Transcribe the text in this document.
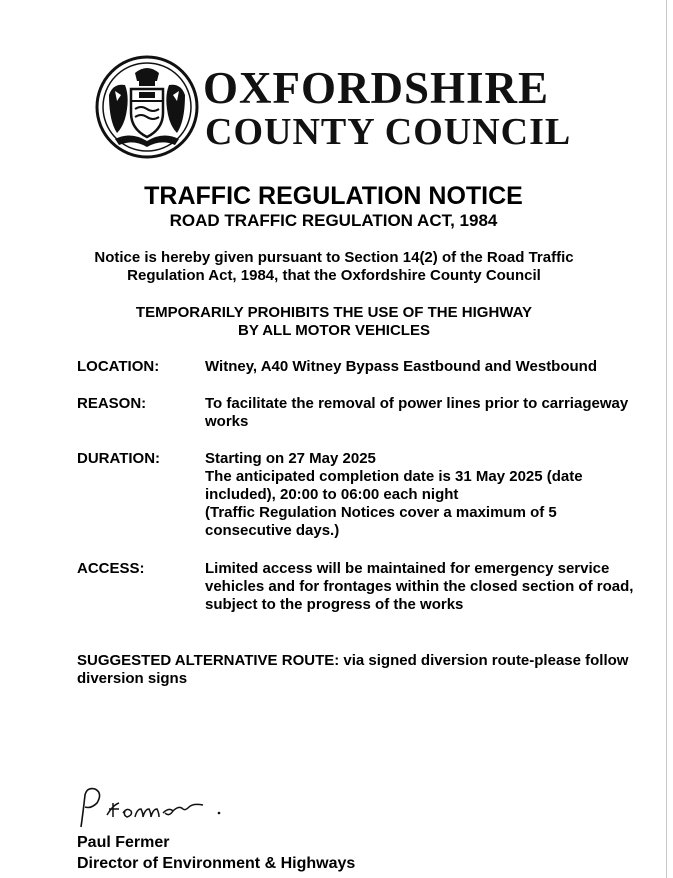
OXFORDSHIRE
COUNTY COUNCIL
TRAFFIC REGULATION NOTICE
ROAD TRAFFIC REGULATION ACT, 1984
Notice is hereby given pursuant to Section 14(2) of the Road Traffic Regulation Act, 1984, that the Oxfordshire County Council
TEMPORARILY PROHIBITS THE USE OF THE HIGHWAY
BY ALL MOTOR VEHICLES
LOCATION:	Witney, A40 Witney Bypass Eastbound and Westbound
REASON:	To facilitate the removal of power lines prior to carriageway works
DURATION:	Starting on 27 May 2025
The anticipated completion date is 31 May 2025 (date included), 20:00 to 06:00 each night
(Traffic Regulation Notices cover a maximum of 5 consecutive days.)
ACCESS:	Limited access will be maintained for emergency service vehicles and for frontages within the closed section of road, subject to the progress of the works
SUGGESTED ALTERNATIVE ROUTE: via signed diversion route-please follow diversion signs
Paul Fermer
Director of Environment & Highways
